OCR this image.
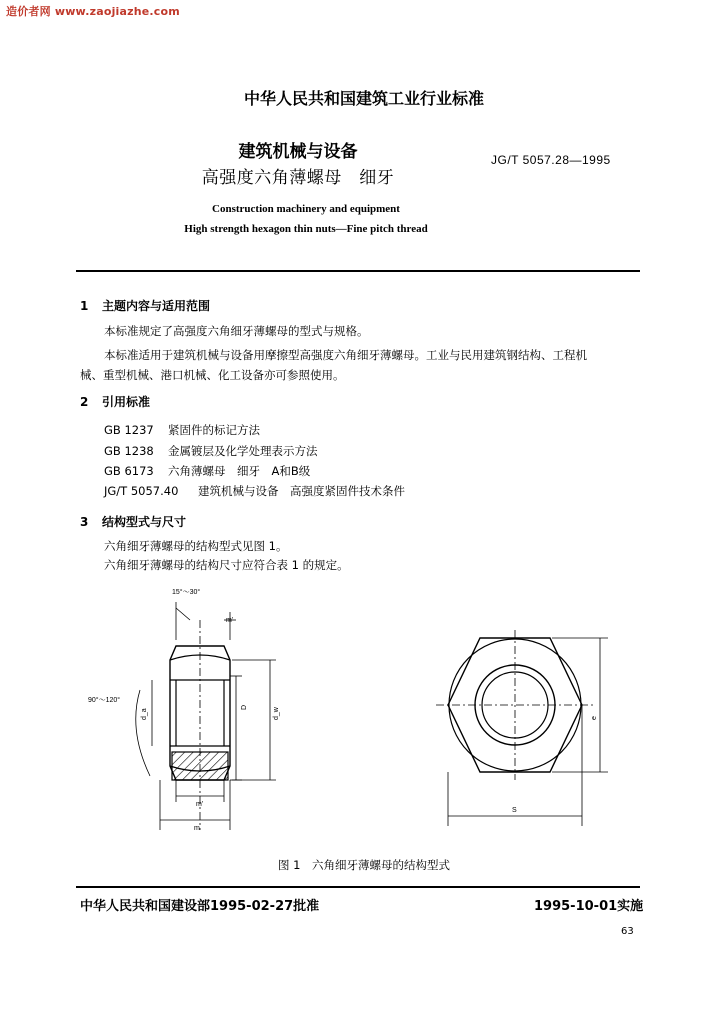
造价者网 www.zaojiazhe.com
中华人民共和国建筑工业行业标准
建筑机械与设备
高强度六角薄螺母　细牙
JG/T 5057.28—1995
Construction machinery and equipment
High strength hexagon thin nuts—Fine pitch thread
1 主题内容与适用范围
本标准规定了高强度六角细牙薄螺母的型式与规格。
本标准适用于建筑机械与设备用摩擦型高强度六角细牙薄螺母。工业与民用建筑钢结构、工程机
械、重型机械、港口机械、化工设备亦可参照使用。
2 引用标准
GB 1237 紧固件的标记方法
GB 1238 金属镀层及化学处理表示方法
GB 6173 六角薄螺母　细牙　A和B级
JG/T 5057.40 建筑机械与设备　高强度紧固件技术条件
3 结构型式与尺寸
六角细牙薄螺母的结构型式见图 1。
六角细牙薄螺母的结构尺寸应符合表 1 的规定。
15°～30°
m'
90°～120°
d_a
D	d_w
m'
m
e
S
图 1　六角细牙薄螺母的结构型式
中华人民共和国建设部1995-02-27批准	1995-10-01实施
63
